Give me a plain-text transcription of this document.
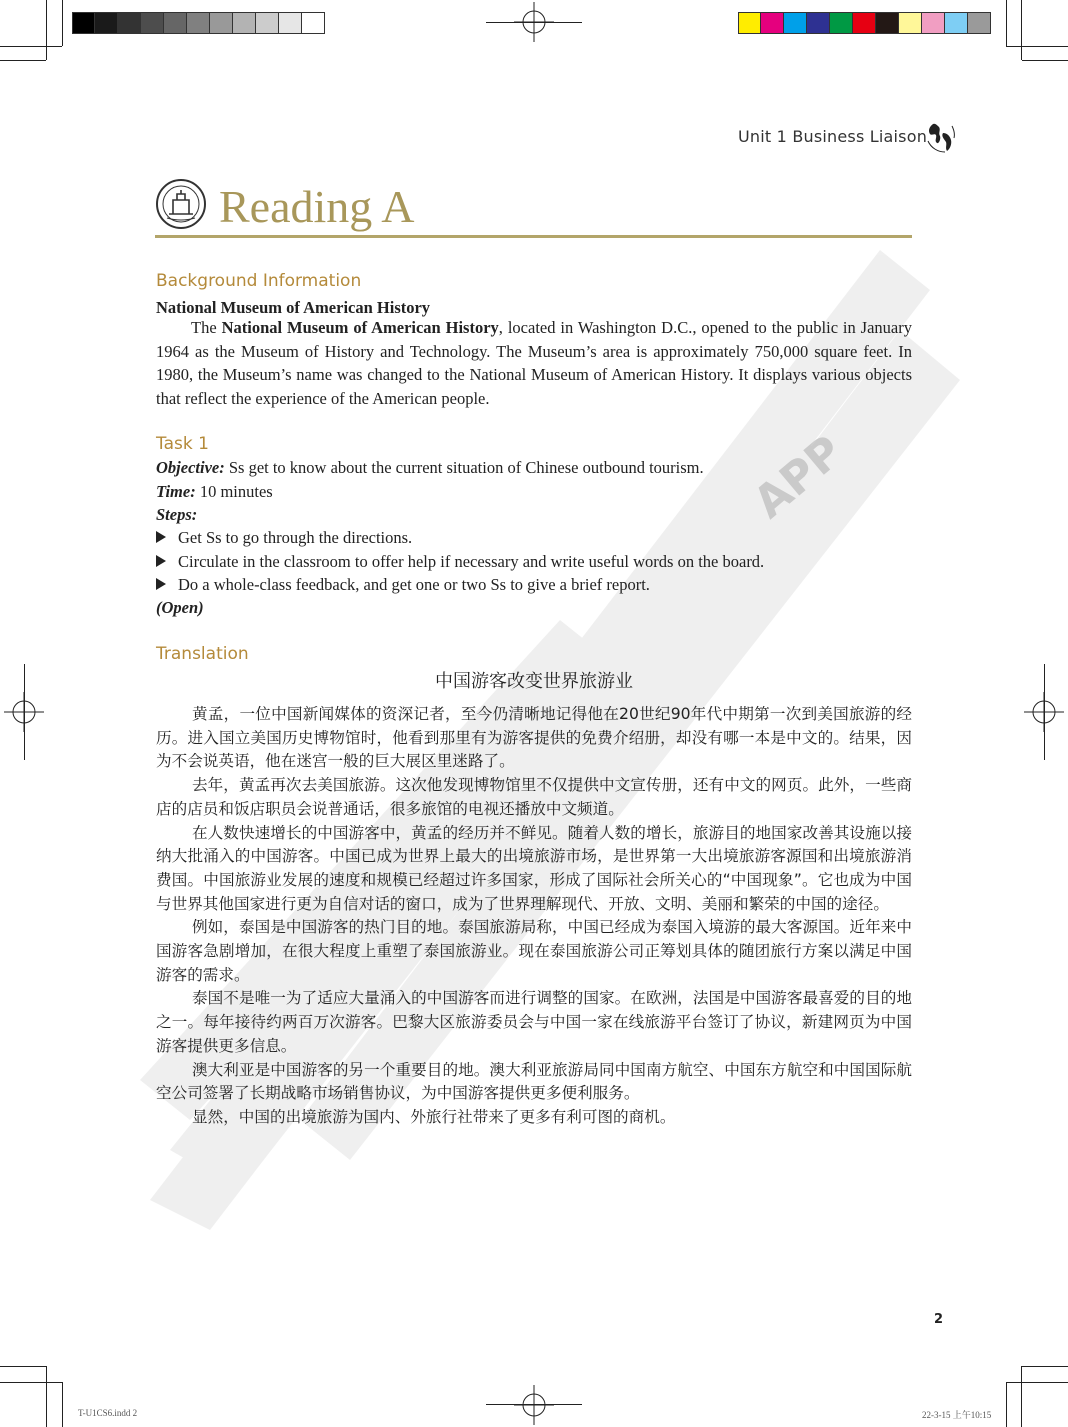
APP
Unit 1 Business Liaison
Reading A
Background Information
National Museum of American History
The National Museum of American History, located in Washington D.C., opened to the public in January 1964 as the Museum of History and Technology. The Museum’s area is approximately 750,000 square feet. In 1980, the Museum’s name was changed to the National Museum of American History. It displays various objects that reflect the experience of the American people.
Task 1
Objective: Ss get to know about the current situation of Chinese outbound tourism.
Time: 10 minutes
Steps:
Get Ss to go through the directions.
Circulate in the classroom to offer help if necessary and write useful words on the board.
Do a whole-class feedback, and get one or two Ss to give a brief report.
(Open)
Translation
中国游客改变世界旅游业

黄孟，一位中国新闻媒体的资深记者，至今仍清晰地记得他在20世纪90年代中期第一次到美国旅游的经历。进入国立美国历史博物馆时，他看到那里有为游客提供的免费介绍册，却没有哪一本是中文的。结果，因为不会说英语，他在迷宫一般的巨大展区里迷路了。

去年，黄孟再次去美国旅游。这次他发现博物馆里不仅提供中文宣传册，还有中文的网页。此外，一些商店的店员和饭店职员会说普通话，很多旅馆的电视还播放中文频道。

在人数快速增长的中国游客中，黄孟的经历并不鲜见。随着人数的增长，旅游目的地国家改善其设施以接纳大批涌入的中国游客。中国已成为世界上最大的出境旅游市场，是世界第一大出境旅游客源国和出境旅游消费国。中国旅游业发展的速度和规模已经超过许多国家，形成了国际社会所关心的“中国现象”。它也成为中国与世界其他国家进行更为自信对话的窗口，成为了世界理解现代、开放、文明、美丽和繁荣的中国的途径。

例如，泰国是中国游客的热门目的地。泰国旅游局称，中国已经成为泰国入境游的最大客源国。近年来中国游客急剧增加，在很大程度上重塑了泰国旅游业。现在泰国旅游公司正筹划具体的随团旅行方案以满足中国游客的需求。

泰国不是唯一为了适应大量涌入的中国游客而进行调整的国家。在欧洲，法国是中国游客最喜爱的目的地之一。每年接待约两百万次游客。巴黎大区旅游委员会与中国一家在线旅游平台签订了协议，新建网页为中国游客提供更多信息。

澳大利亚是中国游客的另一个重要目的地。澳大利亚旅游局同中国南方航空、中国东方航空和中国国际航空公司签署了长期战略市场销售协议，为中国游客提供更多便利服务。

显然，中国的出境旅游为国内、外旅行社带来了更多有利可图的商机。

2
T-U1CS6.indd 2	22-3-15 上午10:15
